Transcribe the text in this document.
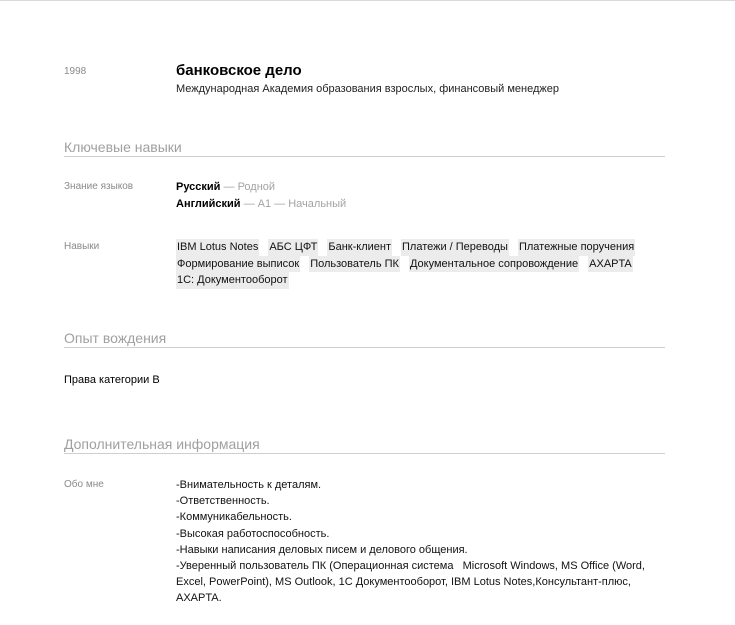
1998	банковское дело
Международная Академия образования взрослых, финансовый менеджер
Ключевые навыки
Знание языков	Русский — Родной
Английский — A1 — Начальный
Навыки	IBM Lotus Notes АБС ЦФТ Банк-клиент Платежи / Переводы Платежные поручения
Формирование выписок Пользователь ПК Документальное сопровождение AXAPTA
1С: Документооборот
Опыт вождения
Права категории B
Дополнительная информация
Обо мне	-Внимательность к деталям.
-Ответственность.
-Коммуникабельность.
-Высокая работоспособность.
-Навыки написания деловых писем и делового общения.
-Уверенный пользователь ПК (Операционная система   Microsoft Windows, MS Office (Word,
Excel, PowerPoint), MS Outlook, 1С Документооборот, IBM Lotus Notes,Консультант-плюс,
AXAPTA.
